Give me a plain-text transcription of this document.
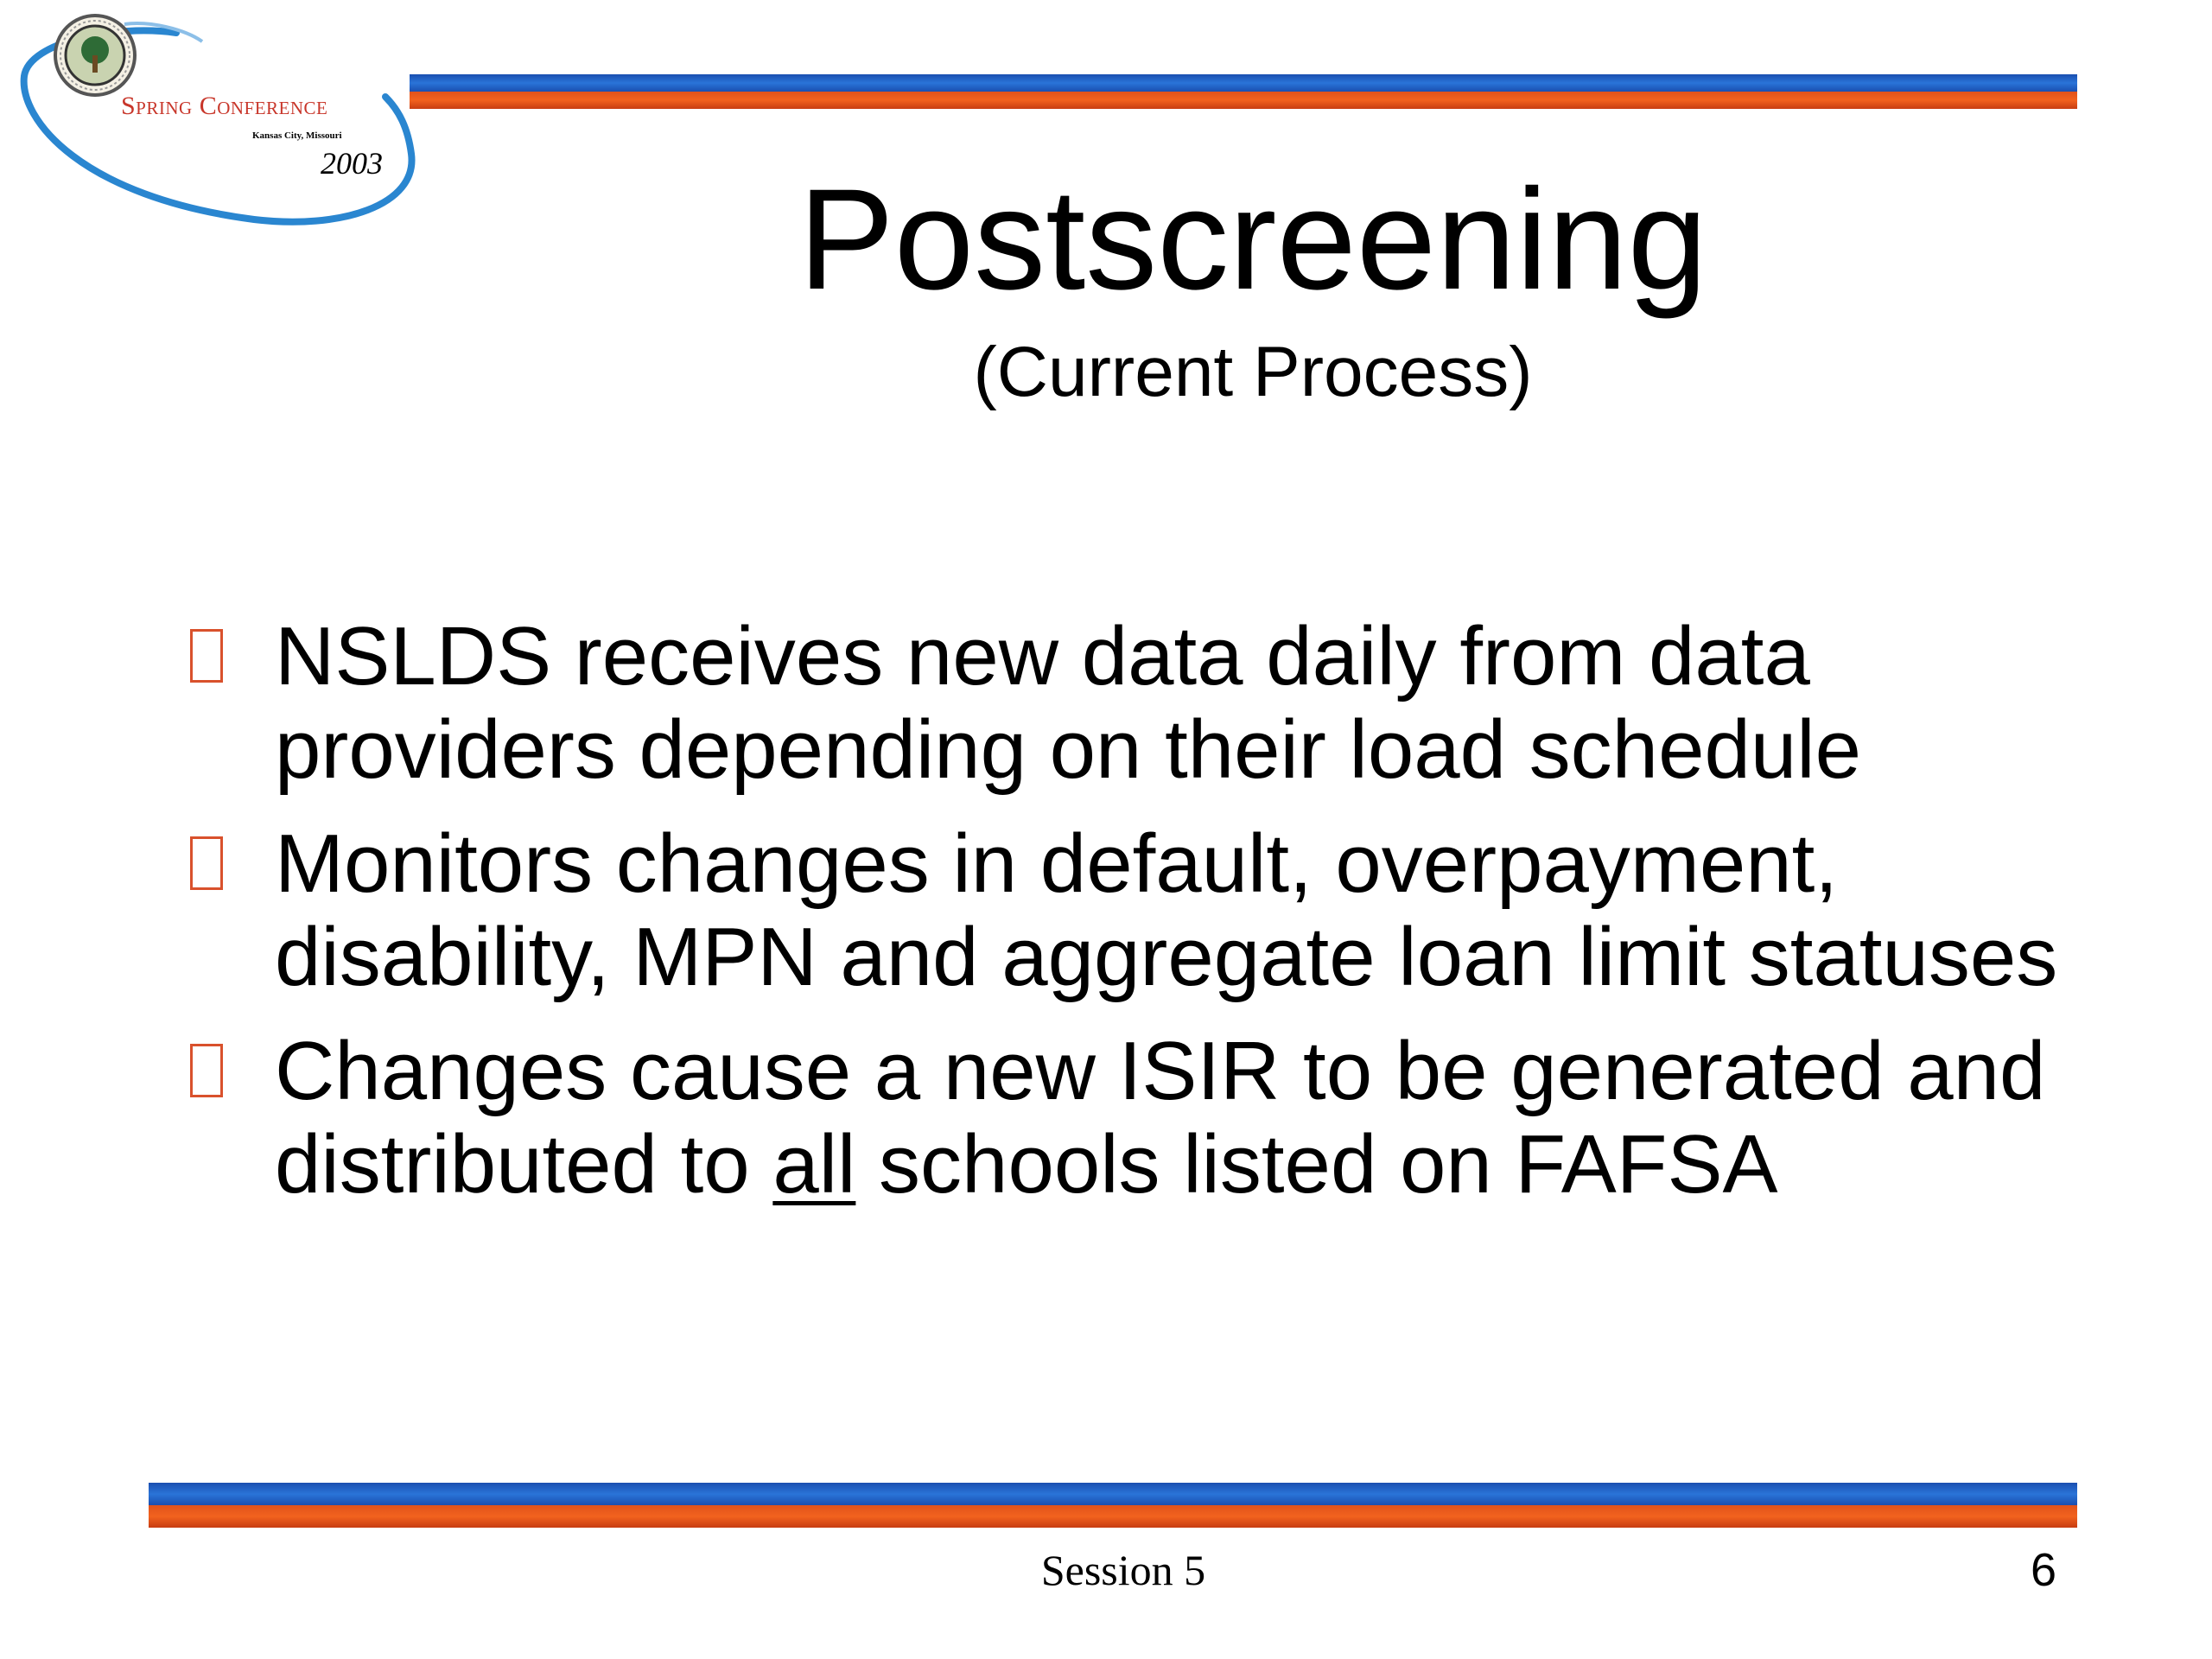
Spring Conference
Kansas City, Missouri
2003	Postscreening
(Current Process)
NSLDS receives new data daily from data providers depending on their load schedule
Monitors changes in default, overpayment, disability, MPN and aggregate loan limit statuses
Changes cause a new ISIR to be generated and distributed to all schools listed on FAFSA
Session 5	6
